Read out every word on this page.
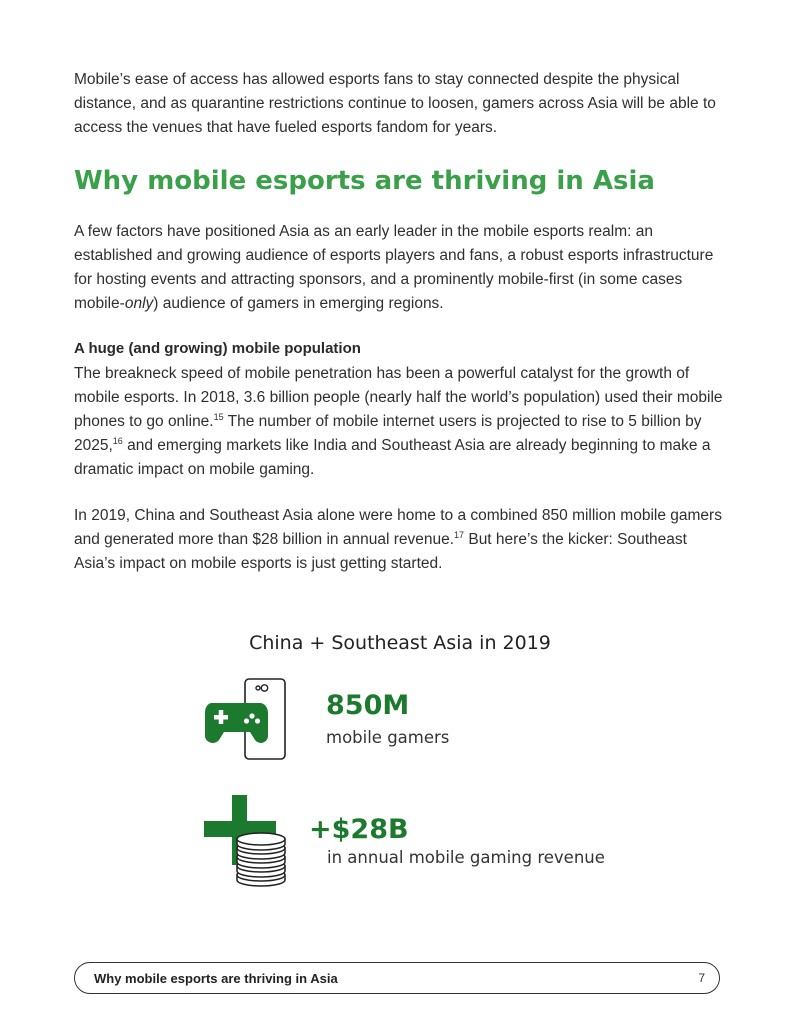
Mobile’s ease of access has allowed esports fans to stay connected despite the physical distance, and as quarantine restrictions continue to loosen, gamers across Asia will be able to access the venues that have fueled esports fandom for years.

Why mobile esports are thriving in Asia

A few factors have positioned Asia as an early leader in the mobile esports realm: an established and growing audience of esports players and fans, a robust esports infrastructure for hosting events and attracting sponsors, and a prominently mobile-first (in some cases mobile-only) audience of gamers in emerging regions.

A huge (and growing) mobile population

The breakneck speed of mobile penetration has been a powerful catalyst for the growth of mobile esports. In 2018, 3.6 billion people (nearly half the world’s population) used their mobile phones to go online.$^{15}$ The number of mobile internet users is projected to rise to 5 billion by 2025,16 and emerging markets like India and Southeast Asia are already beginning to make a dramatic impact on mobile gaming.

In 2019, China and Southeast Asia alone were home to a combined 850 million mobile gamers and generated more than $28 billion in annual revenue.$^{17}$ But here’s the kicker: Southeast Asia’s impact on mobile esports is just getting started.

China + Southeast Asia in 2019
850M
mobile gamers
+$28B
in annual mobile gaming revenue
Why mobile esports are thriving in Asia	7
